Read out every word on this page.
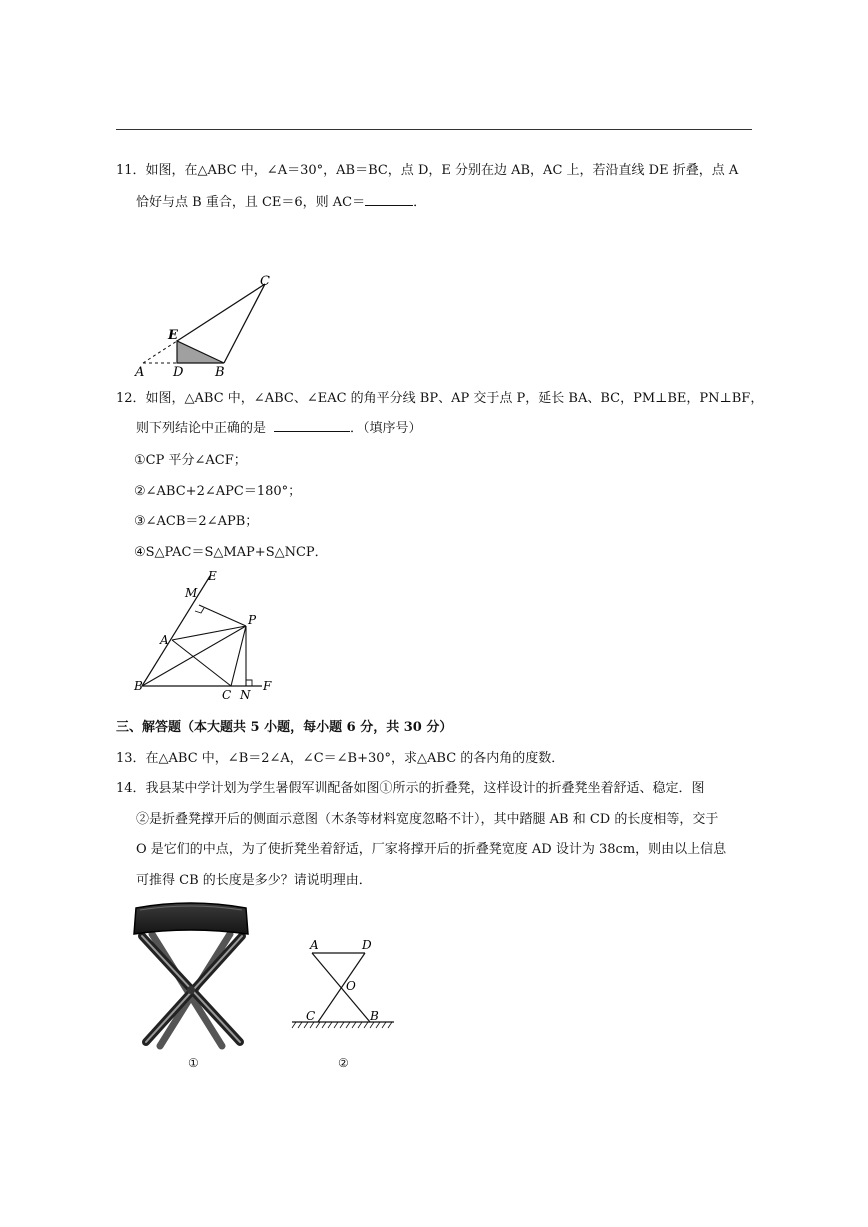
11．如图，在△ABC 中，∠A＝30°，AB＝BC，点 D，E 分别在边 AB，AC 上，若沿直线 DE 折叠，点 A
恰好与点 B 重合，且 CE＝6，则 AC＝	．
C
E
A D B
12．如图，△ABC 中，∠ABC、∠EAC 的角平分线 BP、AP 交于点 P，延长 BA、BC，PM⊥BE，PN⊥BF，
则下列结论中正确的是	．（填序号）
①CP 平分∠ACF；
②∠ABC+2∠APC＝180°；
③∠ACB＝2∠APB；
④S△PAC＝S△MAP+S△NCP．
E
M
P
A
B
C N
F
三、解答题（本大题共 5 小题，每小题 6 分，共 30 分）
13．在△ABC 中，∠B＝2∠A，∠C＝∠B+30°，求△ABC 的各内角的度数．
14．我县某中学计划为学生暑假军训配备如图①所示的折叠凳，这样设计的折叠凳坐着舒适、稳定．图
②是折叠凳撑开后的侧面示意图（木条等材料宽度忽略不计），其中踏腿 AB 和 CD 的长度相等，交于
O 是它们的中点，为了使折凳坐着舒适，厂家将撑开后的折叠凳宽度 AD 设计为 38cm，则由以上信息
可推得 CB 的长度是多少？请说明理由．
①
A	D
O
C	B
②
